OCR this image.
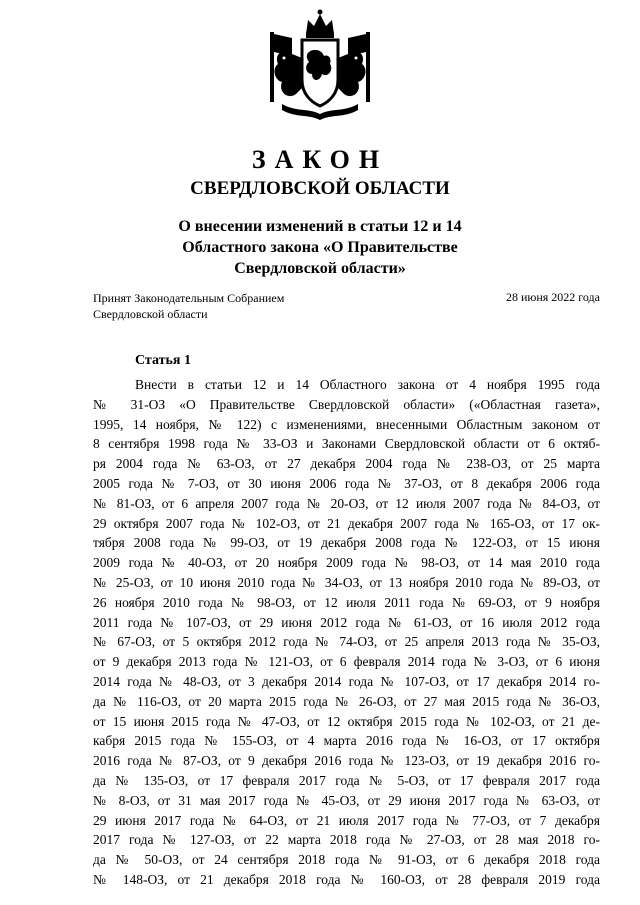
ЗАКОН
СВЕРДЛОВСКОЙ ОБЛАСТИ
О внесении изменений в статьи 12 и 14
Областного закона «О Правительстве
Свердловской области»
Принят Законодательным Собранием
Свердловской области
28 июня 2022 года
Статья 1
Внести в статьи 12 и 14 Областного закона от 4 ноября 1995 года
№ 31-ОЗ «О Правительстве Свердловской области» («Областная газета»,
1995, 14 ноября, № 122) с изменениями, внесенными Областным законом от
8 сентября 1998 года № 33-ОЗ и Законами Свердловской области от 6 октяб-
ря 2004 года № 63-ОЗ, от 27 декабря 2004 года № 238-ОЗ, от 25 марта
2005 года № 7-ОЗ, от 30 июня 2006 года № 37-ОЗ, от 8 декабря 2006 года
№ 81-ОЗ, от 6 апреля 2007 года № 20-ОЗ, от 12 июля 2007 года № 84-ОЗ, от
29 октября 2007 года № 102-ОЗ, от 21 декабря 2007 года № 165-ОЗ, от 17 ок-
тября 2008 года № 99-ОЗ, от 19 декабря 2008 года № 122-ОЗ, от 15 июня
2009 года № 40-ОЗ, от 20 ноября 2009 года № 98-ОЗ, от 14 мая 2010 года
№ 25-ОЗ, от 10 июня 2010 года № 34-ОЗ, от 13 ноября 2010 года № 89-ОЗ, от
26 ноября 2010 года № 98-ОЗ, от 12 июля 2011 года № 69-ОЗ, от 9 ноября
2011 года № 107-ОЗ, от 29 июня 2012 года № 61-ОЗ, от 16 июля 2012 года
№ 67-ОЗ, от 5 октября 2012 года № 74-ОЗ, от 25 апреля 2013 года № 35-ОЗ,
от 9 декабря 2013 года № 121-ОЗ, от 6 февраля 2014 года № 3-ОЗ, от 6 июня
2014 года № 48-ОЗ, от 3 декабря 2014 года № 107-ОЗ, от 17 декабря 2014 го-
да № 116-ОЗ, от 20 марта 2015 года № 26-ОЗ, от 27 мая 2015 года № 36-ОЗ,
от 15 июня 2015 года № 47-ОЗ, от 12 октября 2015 года № 102-ОЗ, от 21 де-
кабря 2015 года № 155-ОЗ, от 4 марта 2016 года № 16-ОЗ, от 17 октября
2016 года № 87-ОЗ, от 9 декабря 2016 года № 123-ОЗ, от 19 декабря 2016 го-
да № 135-ОЗ, от 17 февраля 2017 года № 5-ОЗ, от 17 февраля 2017 года
№ 8-ОЗ, от 31 мая 2017 года № 45-ОЗ, от 29 июня 2017 года № 63-ОЗ, от
29 июня 2017 года № 64-ОЗ, от 21 июля 2017 года № 77-ОЗ, от 7 декабря
2017 года № 127-ОЗ, от 22 марта 2018 года № 27-ОЗ, от 28 мая 2018 го-
да № 50-ОЗ, от 24 сентября 2018 года № 91-ОЗ, от 6 декабря 2018 года
№ 148-ОЗ, от 21 декабря 2018 года № 160-ОЗ, от 28 февраля 2019 года
